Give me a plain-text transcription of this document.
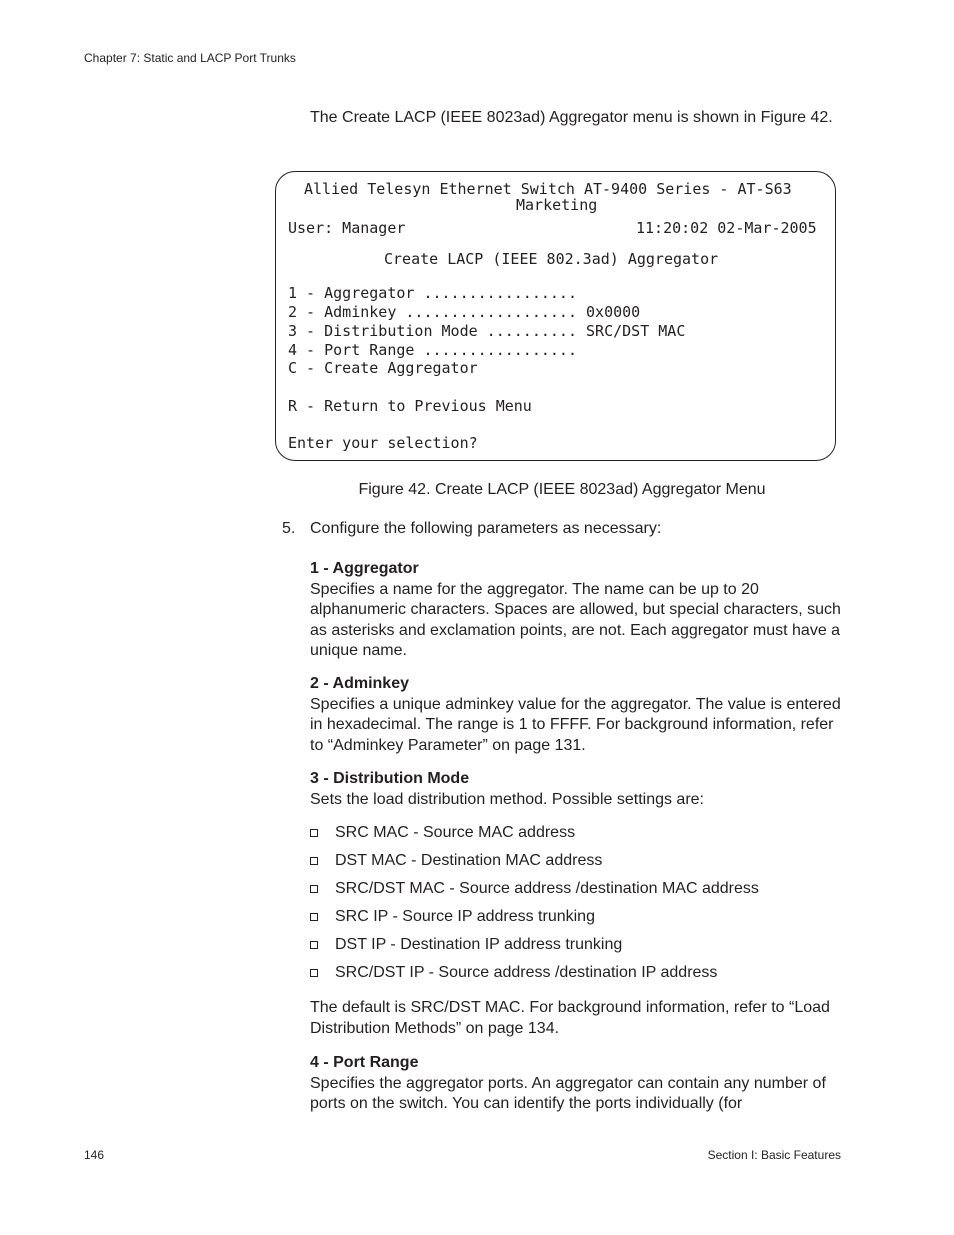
Chapter 7: Static and LACP Port Trunks
The Create LACP (IEEE 8023ad) Aggregator menu is shown in Figure 42.
Allied Telesyn Ethernet Switch AT-9400 Series - AT-S63
Marketing
User: Manager	11:20:02 02-Mar-2005
Create LACP (IEEE 802.3ad) Aggregator
1 - Aggregator .................
2 - Adminkey ................... 0x0000
3 - Distribution Mode .......... SRC/DST MAC
4 - Port Range .................
C - Create Aggregator
R - Return to Previous Menu
Enter your selection?
Figure 42. Create LACP (IEEE 8023ad) Aggregator Menu
5. Configure the following parameters as necessary:
1 - Aggregator
Specifies a name for the aggregator. The name can be up to 20 alphanumeric characters. Spaces are allowed, but special characters, such as asterisks and exclamation points, are not. Each aggregator must have a unique name.
2 - Adminkey
Specifies a unique adminkey value for the aggregator. The value is entered in hexadecimal. The range is 1 to FFFF. For background information, refer to “Adminkey Parameter” on page 131.
3 - Distribution Mode
Sets the load distribution method. Possible settings are:
SRC MAC - Source MAC address
DST MAC - Destination MAC address
SRC/DST MAC - Source address /destination MAC address
SRC IP - Source IP address trunking
DST IP - Destination IP address trunking
SRC/DST IP - Source address /destination IP address
The default is SRC/DST MAC. For background information, refer to “Load Distribution Methods” on page 134.
4 - Port Range
Specifies the aggregator ports. An aggregator can contain any number of ports on the switch. You can identify the ports individually (for
146	Section I: Basic Features
